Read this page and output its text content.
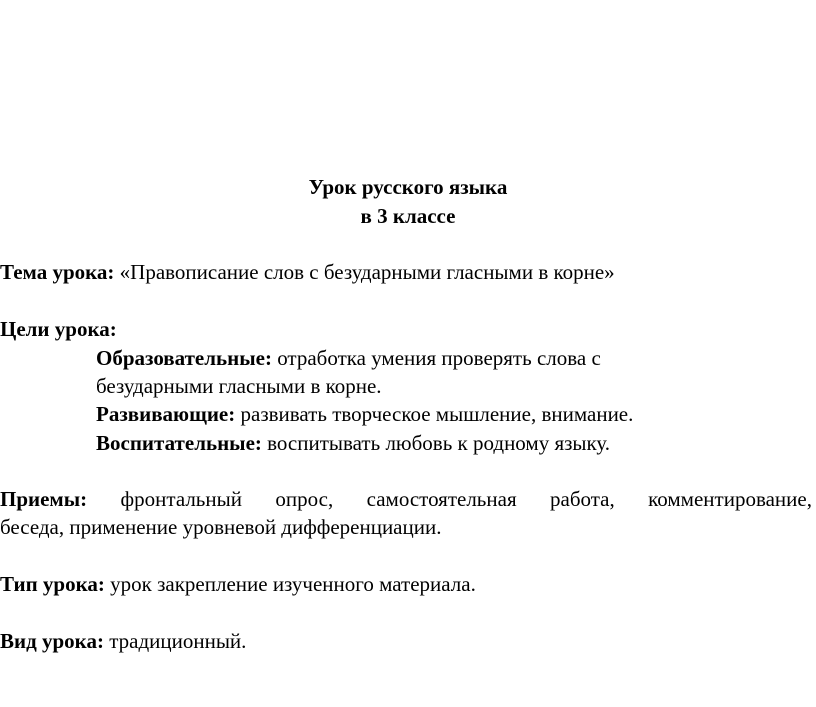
Урок русского языка
в 3 классе
Тема урока: «Правописание слов с безударными гласными в корне»
Цели урока:
Образовательные: отработка умения проверять слова с
безударными гласными в корне.
Развивающие: развивать творческое мышление, внимание.
Воспитательные: воспитывать любовь к родному языку.
Приемы: фронтальный опрос, самостоятельная работа, комментирование,
беседа, применение уровневой дифференциации.
Тип урока: урок закрепление изученного материала.
Вид урока: традиционный.
